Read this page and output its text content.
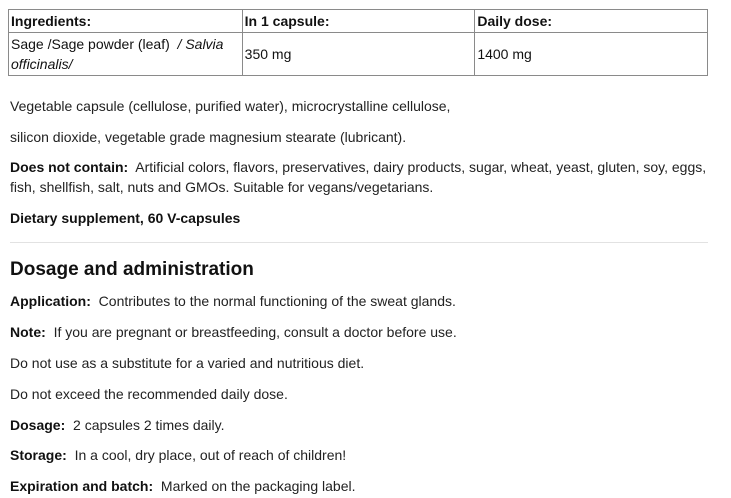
Ingredients:	In 1 capsule:	Daily dose:
Sage /Sage powder (leaf) / Salvia officinalis/	350 mg	1400 mg

Vegetable capsule (cellulose, purified water), microcrystalline cellulose,

silicon dioxide, vegetable grade magnesium stearate (lubricant).

Does not contain: Artificial colors, flavors, preservatives, dairy products, sugar, wheat, yeast, gluten, soy, eggs, fish, shellfish, salt, nuts and GMOs. Suitable for vegans/vegetarians.

Dietary supplement, 60 V-capsules

Dosage and administration

Application: Contributes to the normal functioning of the sweat glands.

Note: If you are pregnant or breastfeeding, consult a doctor before use.

Do not use as a substitute for a varied and nutritious diet.

Do not exceed the recommended daily dose.

Dosage: 2 capsules 2 times daily.

Storage: In a cool, dry place, out of reach of children!

Expiration and batch: Marked on the packaging label.
